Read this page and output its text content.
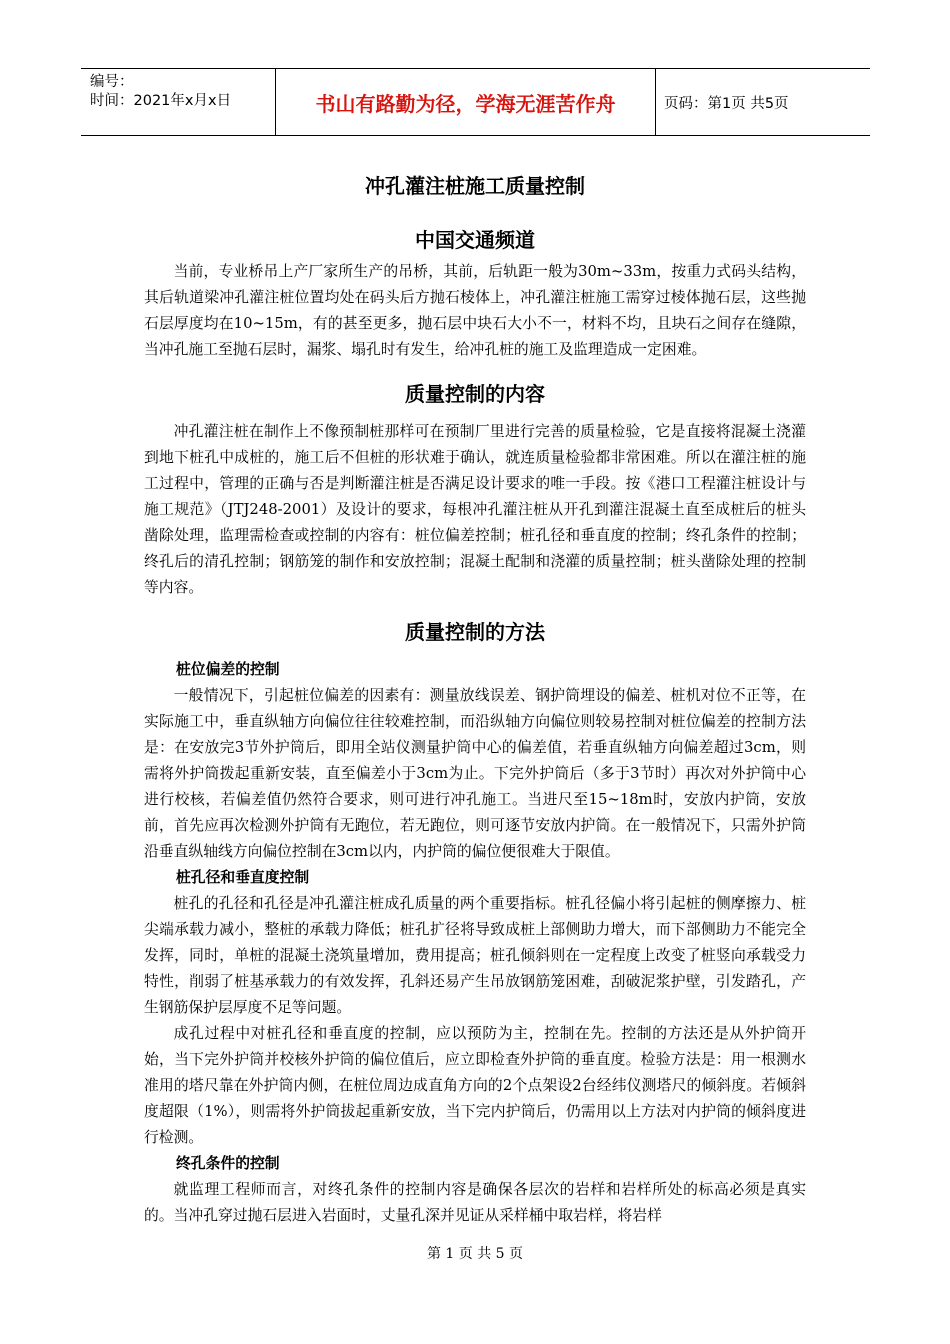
编号：
时间：2021年x月x日	书山有路勤为径，学海无涯苦作舟	页码：第1页 共5页
冲孔灌注桩施工质量控制
中国交通频道

当前，专业桥吊上产厂家所生产的吊桥，其前，后轨距一般为30m~33m，按重力式码头结构，其后轨道梁冲孔灌注桩位置均处在码头后方抛石棱体上，冲孔灌注桩施工需穿过棱体抛石层，这些抛石层厚度均在10~15m，有的甚至更多，抛石层中块石大小不一，材料不均，且块石之间存在缝隙，当冲孔施工至抛石层时，漏浆、塌孔时有发生，给冲孔桩的施工及监理造成一定困难。

质量控制的内容

冲孔灌注桩在制作上不像预制桩那样可在预制厂里进行完善的质量检验，它是直接将混凝土浇灌到地下桩孔中成桩的，施工后不但桩的形状难于确认，就连质量检验都非常困难。所以在灌注桩的施工过程中，管理的正确与否是判断灌注桩是否满足设计要求的唯一手段。按《港口工程灌注桩设计与施工规范》（JTJ248-2001）及设计的要求，每根冲孔灌注桩从开孔到灌注混凝土直至成桩后的桩头凿除处理，监理需检查或控制的内容有：桩位偏差控制；桩孔径和垂直度的控制；终孔条件的控制；终孔后的清孔控制；钢筋笼的制作和安放控制；混凝土配制和浇灌的质量控制；桩头凿除处理的控制等内容。

质量控制的方法
桩位偏差的控制

一般情况下，引起桩位偏差的因素有：测量放线误差、钢护筒埋设的偏差、桩机对位不正等，在实际施工中，垂直纵轴方向偏位往往较难控制，而沿纵轴方向偏位则较易控制对桩位偏差的控制方法是：在安放完3节外护筒后，即用全站仪测量护筒中心的偏差值，若垂直纵轴方向偏差超过3cm，则需将外护筒拨起重新安装，直至偏差小于3cm为止。下完外护筒后（多于3节时）再次对外护筒中心进行校核，若偏差值仍然符合要求，则可进行冲孔施工。当进尺至15~18m时，安放内护筒，安放前，首先应再次检测外护筒有无跑位，若无跑位，则可逐节安放内护筒。在一般情况下，只需外护筒沿垂直纵轴线方向偏位控制在3cm以内，内护筒的偏位便很难大于限值。

桩孔径和垂直度控制

桩孔的孔径和孔径是冲孔灌注桩成孔质量的两个重要指标。桩孔径偏小将引起桩的侧摩擦力、桩尖端承载力减小，整桩的承载力降低；桩孔扩径将导致成桩上部侧助力增大，而下部侧助力不能完全发挥，同时，单桩的混凝土浇筑量增加，费用提高；桩孔倾斜则在一定程度上改变了桩竖向承载受力特性，削弱了桩基承载力的有效发挥，孔斜还易产生吊放钢筋笼困难，刮破泥浆护壁，引发踏孔，产生钢筋保护层厚度不足等问题。

成孔过程中对桩孔径和垂直度的控制，应以预防为主，控制在先。控制的方法还是从外护筒开始，当下完外护筒并校核外护筒的偏位值后，应立即检查外护筒的垂直度。检验方法是：用一根测水准用的塔尺靠在外护筒内侧，在桩位周边成直角方向的2个点架设2台经纬仪测塔尺的倾斜度。若倾斜度超限（1%），则需将外护筒拔起重新安放，当下完内护筒后，仍需用以上方法对内护筒的倾斜度进行检测。

终孔条件的控制

就监理工程师而言，对终孔条件的控制内容是确保各层次的岩样和岩样所处的标高必须是真实的。当冲孔穿过抛石层进入岩面时，丈量孔深并见证从采样桶中取岩样，将岩样

第 1 页 共 5 页
